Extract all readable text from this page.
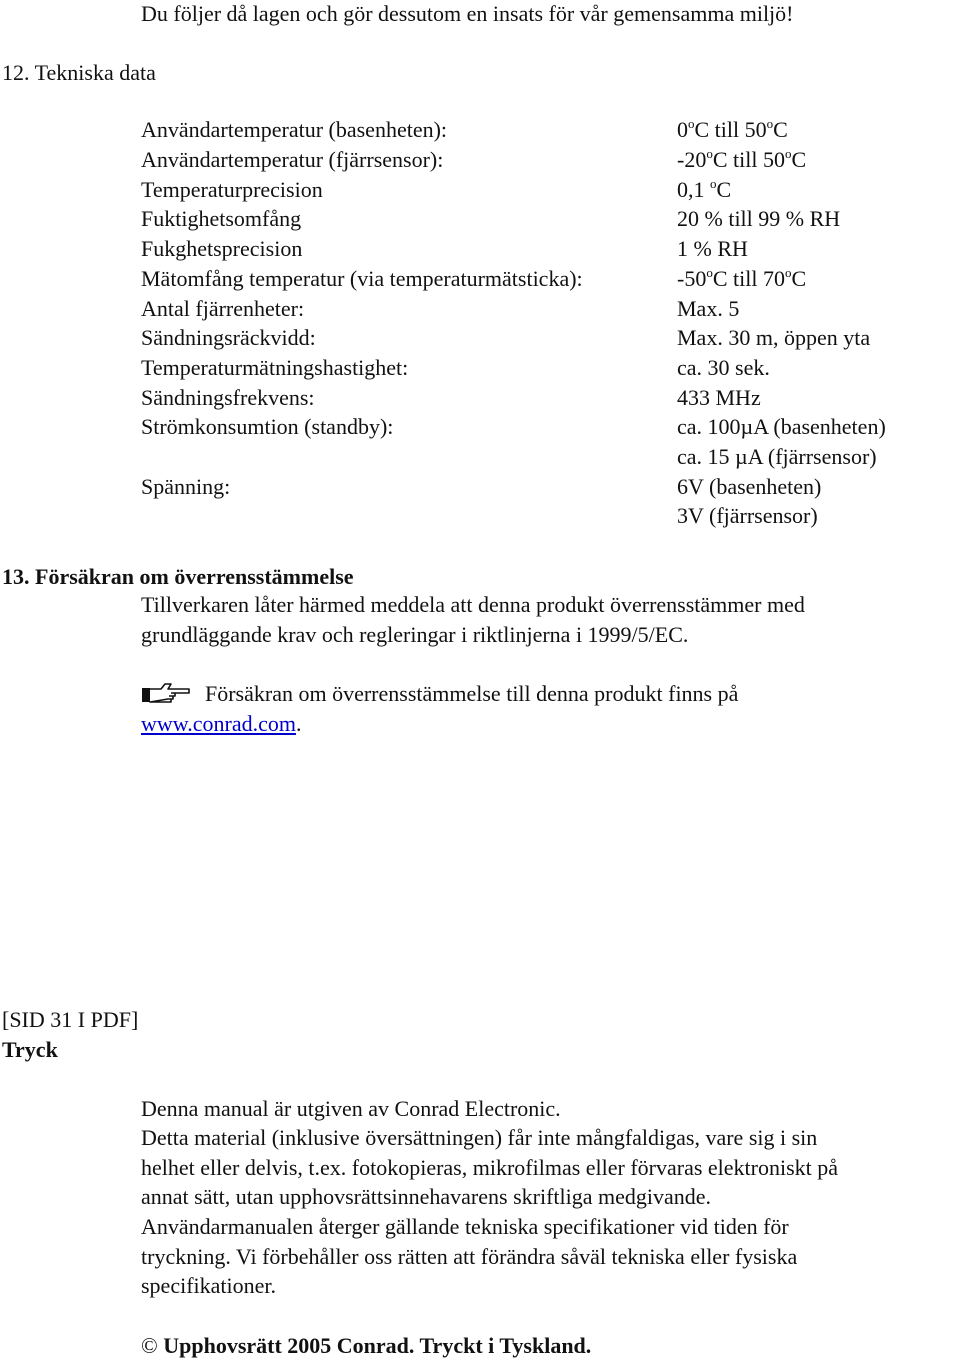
Du följer då lagen och gör dessutom en insats för vår gemensamma miljö!
12. Tekniska data
Användartemperatur (basenheten):	0$^o$C till 50$^o$C
Användartemperatur (fjärrsensor):	-20$^o$C till 50$^o$C
Temperaturprecision	0,1 $^o$C
Fuktighetsomfång	20 % till 99 % RH
Fukghetsprecision	1 % RH
Mätomfång temperatur (via temperaturmätsticka):	-50$^o$C till 70$^o$C
Antal fjärrenheter:	Max. 5
Sändningsräckvidd:	Max. 30 m, öppen yta
Temperaturmätningshastighet:	ca. 30 sek.
Sändningsfrekvens:	433 MHz
Strömkonsumtion (standby):	ca. 100µA (basenheten)
ca. 15 µA (fjärrsensor)
Spänning:	6V (basenheten)
3V (fjärrsensor)
13. Försäkran om överrensstämmelse
Tillverkaren låter härmed meddela att denna produkt överrensstämmer med
grundläggande krav och regleringar i riktlinjerna i 1999/5/EC.
Försäkran om överrensstämmelse till denna produkt finns på
www.conrad.com.
[SID 31 I PDF]
Tryck
Denna manual är utgiven av Conrad Electronic.
Detta material (inklusive översättningen) får inte mångfaldigas, vare sig i sin
helhet eller delvis, t.ex. fotokopieras, mikrofilmas eller förvaras elektroniskt på
annat sätt, utan upphovsrättsinnehavarens skriftliga medgivande.
Användarmanualen återger gällande tekniska specifikationer vid tiden för
tryckning. Vi förbehåller oss rätten att förändra såväl tekniska eller fysiska
specifikationer.
© Upphovsrätt 2005 Conrad. Tryckt i Tyskland.
